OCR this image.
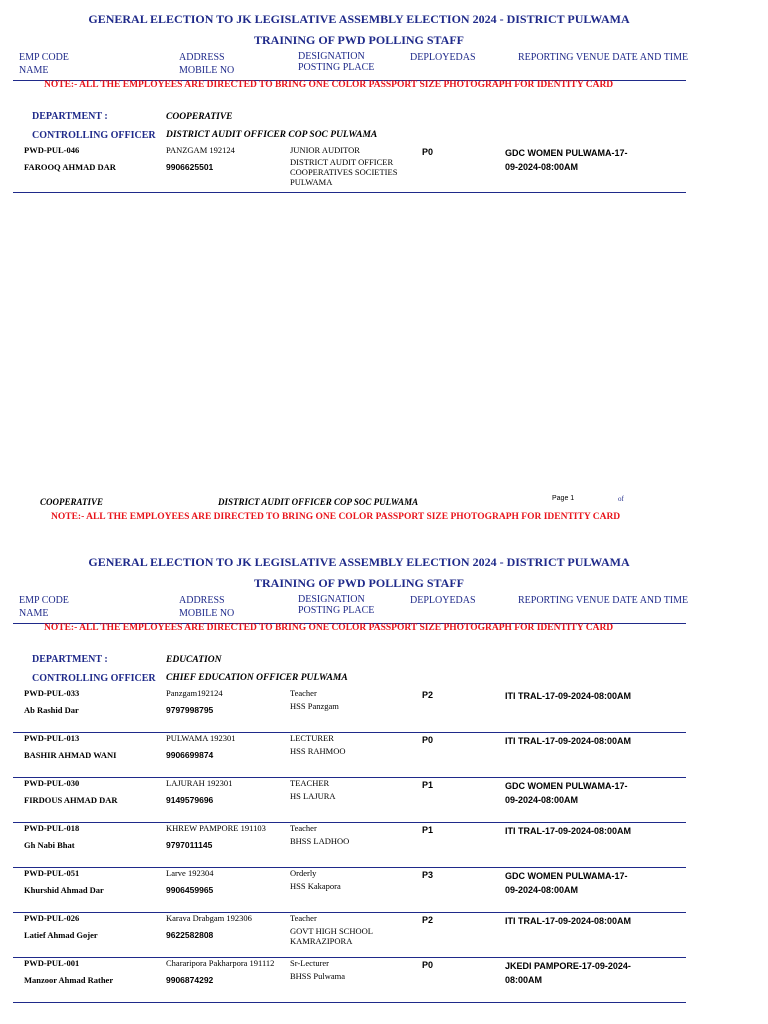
GENERAL ELECTION TO JK LEGISLATIVE ASSEMBLY ELECTION 2024 - DISTRICT PULWAMA
TRAINING OF PWD POLLING STAFF
EMP CODE
NAME
ADDRESS
MOBILE NO
DESIGNATION
POSTING PLACE
DEPLOYEDAS	REPORTING VENUE DATE AND TIME
NOTE:- ALL THE EMPLOYEES ARE DIRECTED TO BRING ONE COLOR PASSPORT SIZE PHOTOGRAPH FOR IDENTITY CARD
DEPARTMENT :	COOPERATIVE
CONTROLLING OFFICER DISTRICT AUDIT OFFICER COP SOC PULWAMA
PWD-PUL-046
FAROOQ AHMAD DAR
PANZGAM 192124
9906625501
JUNIOR AUDITOR
DISTRICT AUDIT OFFICER COOPERATIVES SOCIETIES PULWAMA
P0	GDC WOMEN PULWAMA-17-09-2024-08:00AM
COOPERATIVE	DISTRICT AUDIT OFFICER COP SOC PULWAMA	Page 1	of
NOTE:- ALL THE EMPLOYEES ARE DIRECTED TO BRING ONE COLOR PASSPORT SIZE PHOTOGRAPH FOR IDENTITY CARD
GENERAL ELECTION TO JK LEGISLATIVE ASSEMBLY ELECTION 2024 - DISTRICT PULWAMA
TRAINING OF PWD POLLING STAFF
EMP CODE
NAME
ADDRESS
MOBILE NO
DESIGNATION
POSTING PLACE
DEPLOYEDAS	REPORTING VENUE DATE AND TIME
NOTE:- ALL THE EMPLOYEES ARE DIRECTED TO BRING ONE COLOR PASSPORT SIZE PHOTOGRAPH FOR IDENTITY CARD
DEPARTMENT :	EDUCATION
CONTROLLING OFFICER CHIEF EDUCATION OFFICER PULWAMA
PWD-PUL-033
Ab Rashid Dar
Panzgam192124
9797998795
Teacher
HSS Panzgam
P2	ITI TRAL-17-09-2024-08:00AM
PWD-PUL-013
BASHIR AHMAD WANI
PULWAMA 192301
9906699874
LECTURER
HSS RAHMOO
P0	ITI TRAL-17-09-2024-08:00AM
PWD-PUL-030
FIRDOUS AHMAD DAR
LAJURAH 192301
9149579696
TEACHER
HS LAJURA
P1	GDC WOMEN PULWAMA-17-09-2024-08:00AM
PWD-PUL-018
Gh Nabi Bhat
KHREW PAMPORE 191103
9797011145
Teacher
BHSS LADHOO
P1	ITI TRAL-17-09-2024-08:00AM
PWD-PUL-051
Khurshid Ahmad Dar
Larve 192304
9906459965
Orderly
HSS Kakapora
P3	GDC WOMEN PULWAMA-17-09-2024-08:00AM
PWD-PUL-026
Latief Ahmad Gojer
Karava Drabgam 192306
9622582808
Teacher
GOVT HIGH SCHOOL KAMRAZIPORA
P2	ITI TRAL-17-09-2024-08:00AM
PWD-PUL-001
Manzoor Ahmad Rather
Chararipora Pakharpora 191112
9906874292
Sr-Lecturer
BHSS Pulwama
P0	JKEDI PAMPORE-17-09-2024-08:00AM
